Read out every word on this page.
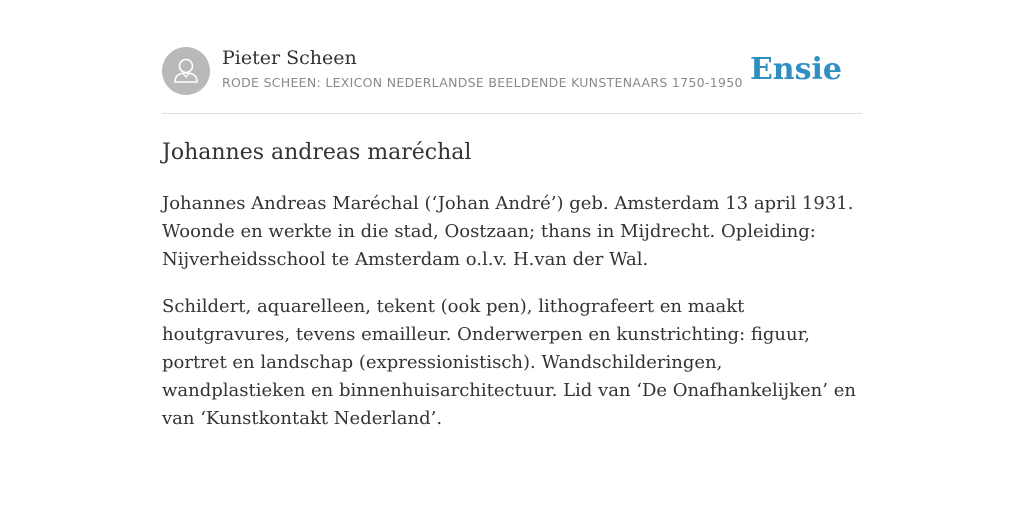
Pieter Scheen
RODE SCHEEN: LEXICON NEDERLANDSE BEELDENDE KUNSTENAARS 1750-1950 Ensie
Johannes andreas maréchal

Johannes Andreas Maréchal (‘Johan André’) geb. Amsterdam 13 april 1931. Woonde en werkte in die stad, Oostzaan; thans in Mijdrecht. Opleiding: Nijverheidsschool te Amsterdam o.l.v. H.van der Wal.

Schildert, aquarelleen, tekent (ook pen), lithografeert en maakt houtgravures, tevens emailleur. Onderwerpen en kunstrichting: figuur, portret en landschap (expressionistisch). Wandschilderingen, wandplastieken en binnenhuisarchitectuur. Lid van ‘De Onafhankelijken’ en van ‘Kunstkontakt Nederland’.
